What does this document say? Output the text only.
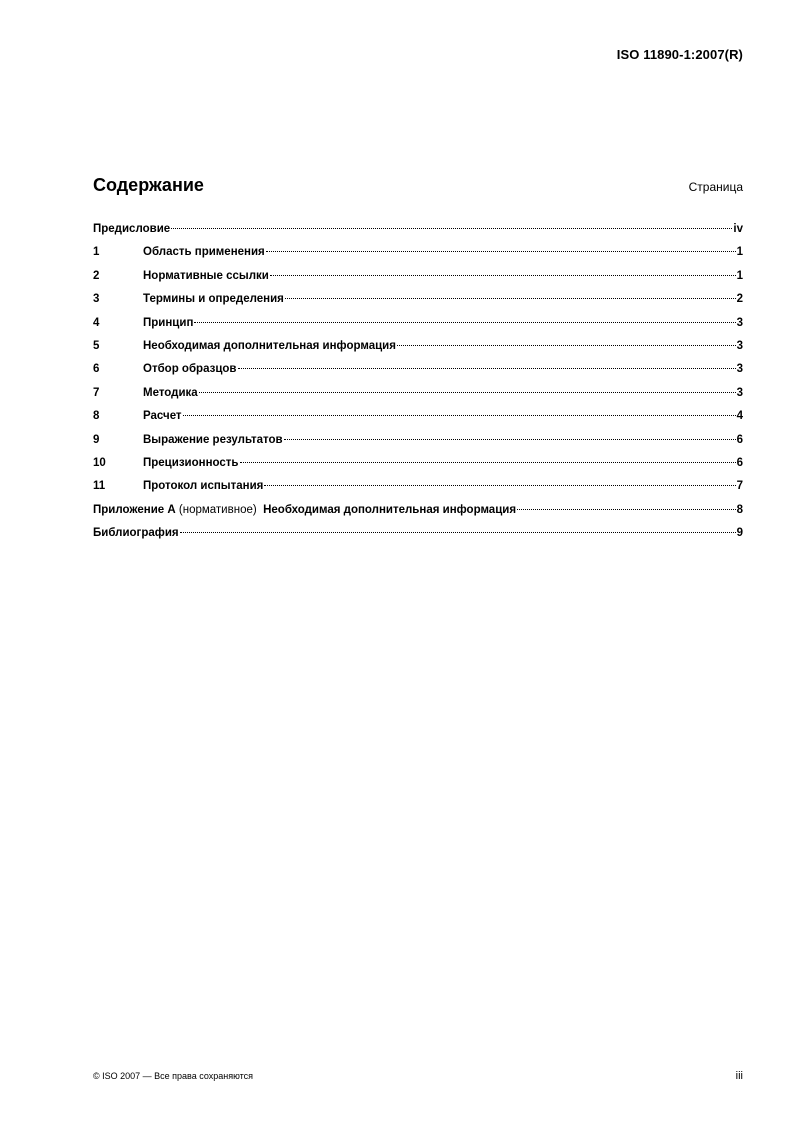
ISO 11890-1:2007(R)
Содержание	Страница
Предисловие	iv
1	Область применения	1
2	Нормативные ссылки	1
3	Термины и определения	2
4	Принцип	3
5	Необходимая дополнительная информация	3
6	Отбор образцов	3
7	Методика	3
8	Расчет	4
9	Выражение результатов	6
10	Прецизионность	6
11	Протокол испытания	7
Приложение А (нормативное)  Необходимая дополнительная информация	8
Библиография	9
© ISO 2007 — Все права сохраняются	iii
